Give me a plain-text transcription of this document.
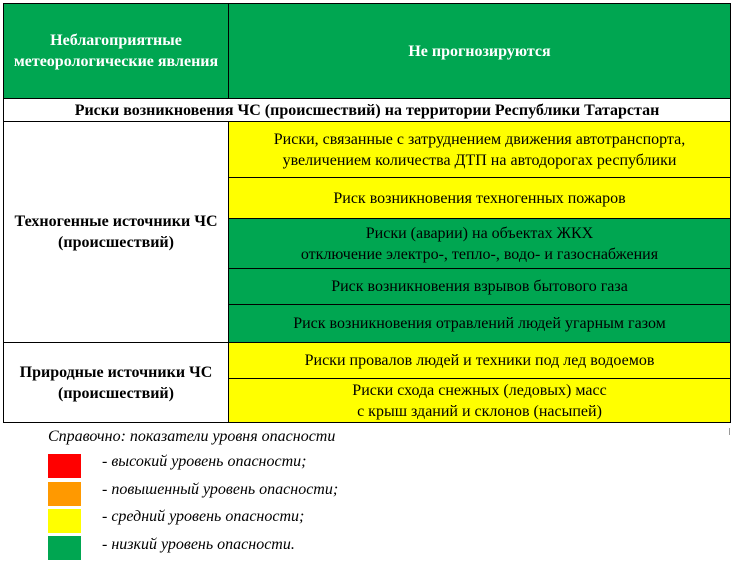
Неблагоприятные метеорологические явления	Не прогнозируются
Риски возникновения ЧС (происшествий) на территории Республики Татарстан	
Техногенные источники ЧС (происшествий)	Риски, связанные с затруднением движения автотранспорта,
увеличением количества ДТП на автодорогах республики
	Риск возникновения техногенных пожаров
	Риски (аварии) на объектах ЖКХ
отключение электро-, тепло-, водо- и газоснабжения
	Риск возникновения взрывов бытового газа
	Риск возникновения отравлений людей угарным газом
Природные источники ЧС (происшествий)	Риски провалов людей и техники под лед водоемов
	Риски схода снежных (ледовых) масс
с крыш зданий и склонов (насыпей)
Справочно: показатели уровня опасности
- высокий уровень опасности;
- повышенный уровень опасности;
- средний уровень опасности;
- низкий уровень опасности.
